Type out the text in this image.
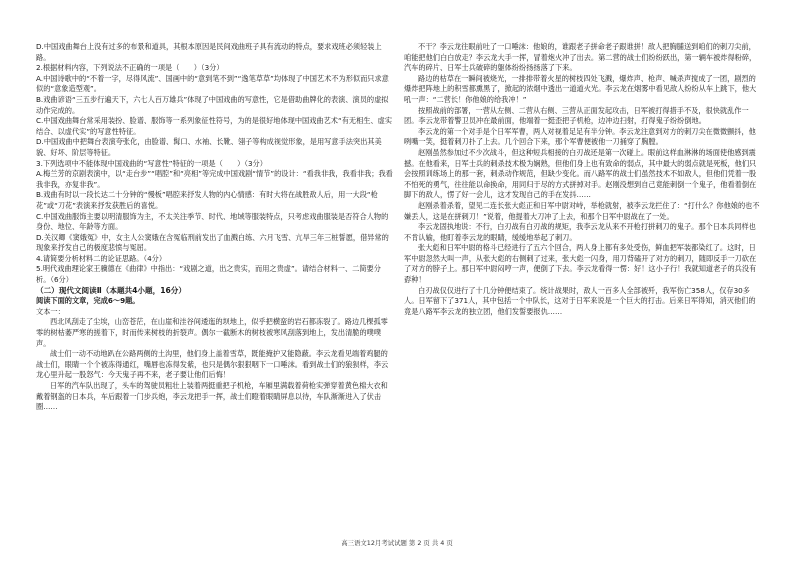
D.中国戏曲舞台上没有过多的布景和道具，其根本原因是民间戏曲班子具有流动的特点，要求戏班必须轻装上路。

2.根据材料内容，下列说法不正确的一项是（　　）（3分）

A.中国诗歌中的“不着一字，尽得风流”、国画中的“意到笔不到”“逸笔草草”均体现了中国艺术不为形似而只求意似的“意象造型观”。

B.戏曲谚语“三五步行遍天下，六七人百万雄兵”体现了中国戏曲的写意性，它是借助曲牌化的表演、演员的虚拟动作完成的。

C.中国戏曲舞台常采用装扮、脸谱、服饰等一系列象征性符号，为的是很好地体现中国戏曲艺术“有无相生、虚实结合、以虚代实”的写意性特征。

D.中国戏曲中把舞台表演夸张化，由脸谱、髯口、水袖、长靴、翎子等构成视觉形象，是用写意手法突出其美貌、好坏、阶层等特征。

3.下列选项中不能体现中国戏曲的“写意性”特征的一项是（　　）（3分）

A.梅兰芳的京剧表演中，以“走台步”“唱腔”和“亮相”等完成中国戏剧“情节”的设计：“看我非我，我看非我；我看我非我，亦复非我”。

B.戏曲有时以一段长达二十分钟的“慢板”唱腔来抒发人物的内心情感：有时大将在战胜敌人后，用一大段“枪花”或“刀花”表演来抒发获胜后的喜悦。

C.中国戏曲服饰主要以明清服饰为主，不太关注季节、时代、地域等服装特点，只考虑戏曲服装是否符合人物的身份、地位、年龄等方面。

D.关汉卿《窦娥冤》中，女主人公窦娥在含冤临刑前发出了血溅白练、六月飞雪、亢旱三年三桩誓愿，借异常的现象来抒发自己的极度悲愤与冤屈。

4.请简要分析材料二的论证思路。（4分）

5.明代戏曲理论家王骥德在《曲律》中指出：“戏剧之道，出之贵实，而用之贵虚”。请结合材料一、二简要分析。（6分）

（二）现代文阅读Ⅱ（本题共4小题，16分）

阅读下面的文章，完成6～9题。

文本一：

西北风刮走了尘埃，山峦苍茫，在山崖和洼谷间逶迤的坝地上，似乎把横蛮的岩石都冻裂了。路边几棵孤零零的树枯萎严寒的搓着下，时而传来树枝的折裂声。偶尔一截断木的树枝被寒风刮落到地上，发出清脆的噗噗声。

战士们一动不动地趴在公路两侧的土沟里，他们身上盖着雪草，既能掩护又能隐蔽。李云龙看见端着鸡腿的战士们，眼睛一个个被冻得通红，嘴唇也冻得发紫，也只是偶尔狠狠咽下一口唾沫。看到战士们的狼狈样，李云龙心里升起一股怒气：今天鬼子再不来，老子要让他们后悔！

日军的汽车队出现了，头车的驾驶员粗壮上装着两挺重把子机枪，车厢里满载着荷枪实弹穿着黄色棉大衣和戴着钢盔的日本兵，车后跟着一门步兵炮，李云龙把手一挥，战士们瞪着眼睛屏息以待，车队渐渐进入了伏击圈……

不干？李云龙往眼前吐了一口唾沫：他娘的，谁跟老子拼命老子跟谁拼！敌人把胸脯送到咱们的刺刀尖前，咱能把他们白白放走？李云龙大手一挥，冒着炮火冲了出去。第二营的战士们纷纷跃出，第一辆车被炸得粉碎，汽车的碎片、日军士兵破碎的躯体纷纷扬扬落了下来。

路边的枯草在一瞬间被烧光，一排排带着火星的树枝四处飞溅，爆炸声、枪声、喊杀声搅成了一团，剧烈的爆炸把阵地上的积雪都熏黑了，掀起的浓烟中透出一道道火光。李云龙在烟雾中看见敌人纷纷从车上跳下，他大吼一声：“二营长！你他娘的给我冲！”

按照战前的部署，一营从左侧、二营从右侧、三营从正面发起攻击，日军被打得措手不及，很快就乱作一团。李云龙带着警卫员冲在最前面，他端着一挺歪把子机枪，边冲边扫射，打得鬼子纷纷倒地。

李云龙的第一个对手是个日军军曹，两人对视着足足有半分钟。李云龙注意到对方的刺刀尖在微微颤抖，他咧嘴一笑，挺着刺刀扑了上去。几个回合下来，那个军曹便被他一刀捅穿了胸膛。

赵刚虽然参加过不少次战斗，但这种短兵相接的白刃战还是第一次碰上。眼前这样血淋淋的场面使他感到震撼。在他看来，日军士兵的刺杀技术极为娴熟，但他们身上也有致命的弱点，其中最大的弱点就是死板，他们只会按照训练场上的那一套，刺杀动作规范，但缺少变化。而八路军的战士们虽然技术不如敌人，但他们凭着一股不怕死的勇气，往往能以命换命，用同归于尽的方式拼掉对手。赵刚没想到自己竟能刺倒一个鬼子，他看着倒在脚下的敌人，愣了好一会儿，这才发现自己的手在发抖……

赵刚杀着杀着，望见二连长张大彪正和日军中尉对峙，举枪就射，被李云龙拦住了：“打什么？你他娘的也不嫌丢人，这是在拼刺刀！”说着，他提着大刀冲了上去，和那个日军中尉战在了一处。

李云龙固执地说：不行，白刃战有白刃战的规矩，我李云龙从来不开枪打拼刺刀的鬼子。那个日本兵同样也不肯认输，他盯着李云龙的眼睛，缓缓地举起了刺刀。

张大彪和日军中尉的格斗已经进行了五六个回合，两人身上都有多处受伤，鲜血把军装都染红了。这时，日军中尉忽然大叫一声，从张大彪的右侧刺了过来，张大彪一闪身，用刀背磕开了对方的刺刀，随即反手一刀砍在了对方的脖子上。那日军中尉闷哼一声，便倒了下去。李云龙看得一愣：好！这小子行！我就知道老子的兵没有孬种！

白刃战仅仅进行了十几分钟便结束了。统计战果时，敌人一百多人全部被歼，我军伤亡358人，仅存30多人。日军留下了371人，其中包括一个中队长，这对于日军来说是一个巨大的打击。后来日军得知，消灭他们的竟是八路军李云龙的独立团，他们发誓要报仇……

高三语文12月考试试题 第 2 页 共 4 页
